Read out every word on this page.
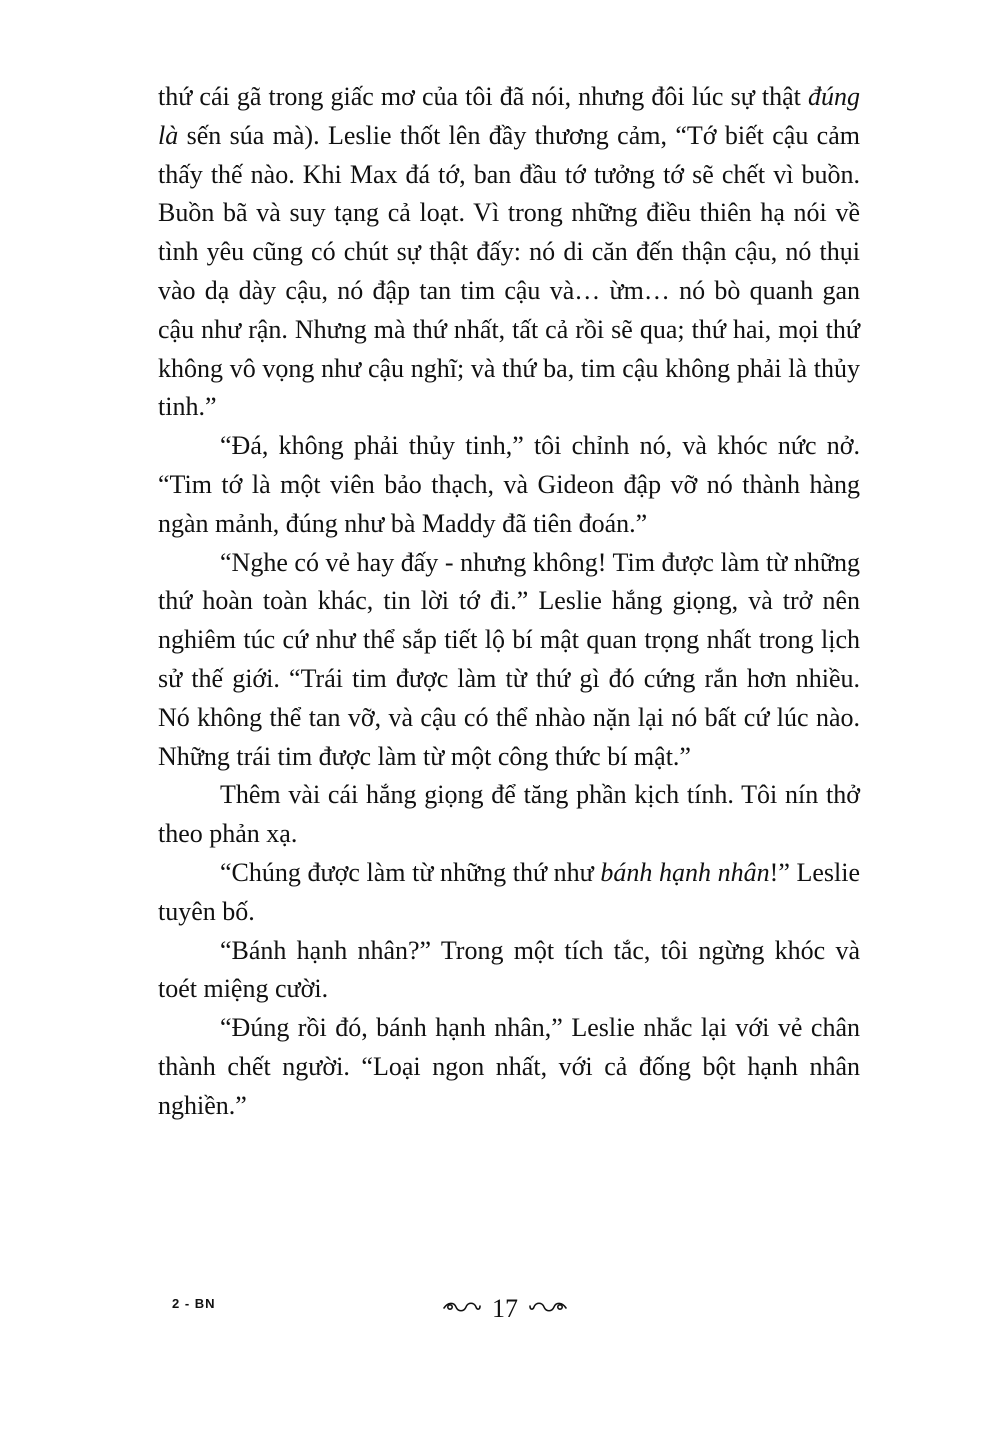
thứ cái gã trong giấc mơ của tôi đã nói, nhưng đôi lúc sự thật đúng là sến súa mà). Leslie thốt lên đầy thương cảm, “Tớ biết cậu cảm thấy thế nào. Khi Max đá tớ, ban đầu tớ tưởng tớ sẽ chết vì buồn. Buồn bã và suy tạng cả loạt. Vì trong những điều thiên hạ nói về tình yêu cũng có chút sự thật đấy: nó di căn đến thận cậu, nó thụi vào dạ dày cậu, nó đập tan tim cậu và… ừm… nó bò quanh gan cậu như rận. Nhưng mà thứ nhất, tất cả rồi sẽ qua; thứ hai, mọi thứ không vô vọng như cậu nghĩ; và thứ ba, tim cậu không phải là thủy tinh.”

“Đá, không phải thủy tinh,” tôi chỉnh nó, và khóc nức nở. “Tim tớ là một viên bảo thạch, và Gideon đập vỡ nó thành hàng ngàn mảnh, đúng như bà Maddy đã tiên đoán.”

“Nghe có vẻ hay đấy - nhưng không! Tim được làm từ những thứ hoàn toàn khác, tin lời tớ đi.” Leslie hắng giọng, và trở nên nghiêm túc cứ như thể sắp tiết lộ bí mật quan trọng nhất trong lịch sử thế giới. “Trái tim được làm từ thứ gì đó cứng rắn hơn nhiều. Nó không thể tan vỡ, và cậu có thể nhào nặn lại nó bất cứ lúc nào. Những trái tim được làm từ một công thức bí mật.”

Thêm vài cái hắng giọng để tăng phần kịch tính. Tôi nín thở theo phản xạ.

“Chúng được làm từ những thứ như bánh hạnh nhân!” Leslie tuyên bố.

“Bánh hạnh nhân?” Trong một tích tắc, tôi ngừng khóc và toét miệng cười.

“Đúng rồi đó, bánh hạnh nhân,” Leslie nhắc lại với vẻ chân thành chết người. “Loại ngon nhất, với cả đống bột hạnh nhân nghiền.”

2 - BN	17
